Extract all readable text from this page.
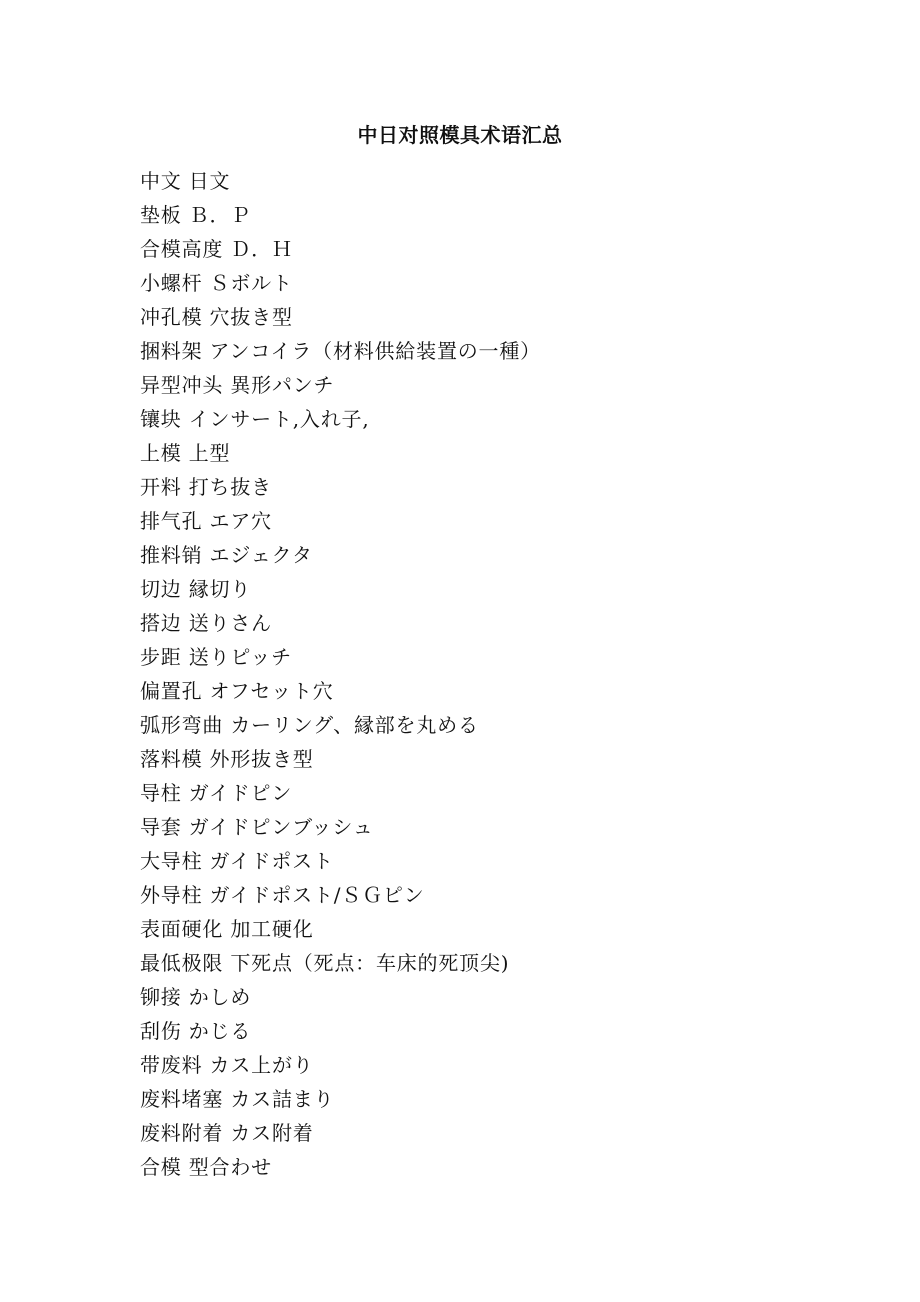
中日对照模具术语汇总
中文 日文
垫板 Ｂ．Ｐ
合模高度 Ｄ．Ｈ
小螺杆 Ｓボルト
冲孔模 穴抜き型
捆料架 アンコイラ（材料供給装置の一種）
异型冲头 異形パンチ
镶块 インサート,入れ子,
上模 上型
开料 打ち抜き
排气孔 エア穴
推料销 エジェクタ
切边 縁切り
搭边 送りさん
步距 送りピッチ
偏置孔 オフセット穴
弧形弯曲 カーリング、縁部を丸める
落料模 外形抜き型
导柱 ガイドピン
导套 ガイドピンブッシュ
大导柱 ガイドポスト
外导柱 ガイドポスト/ＳＧピン
表面硬化 加工硬化
最低极限 下死点（死点：车床的死顶尖)
铆接 かしめ
刮伤 かじる
带废料 カス上がり
废料堵塞 カス詰まり
废料附着 カス附着
合模 型合わせ
